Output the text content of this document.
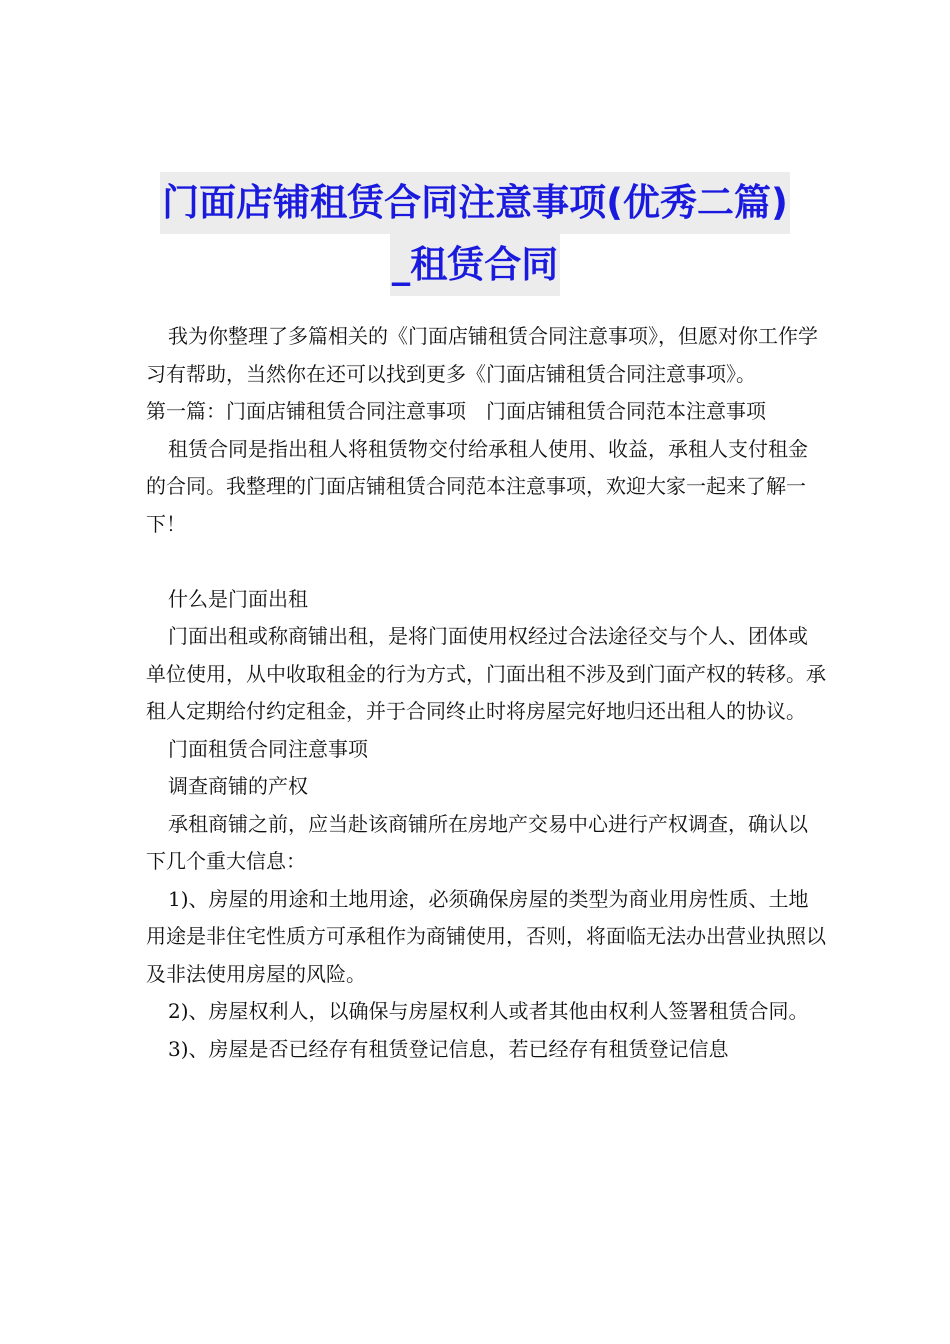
门面店铺租赁合同注意事项(优秀二篇)
_租赁合同

我为你整理了多篇相关的《门面店铺租赁合同注意事项》，但愿对你工作学习有帮助，当然你在还可以找到更多《门面店铺租赁合同注意事项》。

第一篇：门面店铺租赁合同注意事项　门面店铺租赁合同范本注意事项

租赁合同是指出租人将租赁物交付给承租人使用、收益，承租人支付租金的合同。我整理的门面店铺租赁合同范本注意事项，欢迎大家一起来了解一下！

什么是门面出租

门面出租或称商铺出租，是将门面使用权经过合法途径交与个人、团体或单位使用，从中收取租金的行为方式，门面出租不涉及到门面产权的转移。承租人定期给付约定租金，并于合同终止时将房屋完好地归还出租人的协议。

门面租赁合同注意事项

调查商铺的产权

承租商铺之前，应当赴该商铺所在房地产交易中心进行产权调查，确认以下几个重大信息：

1)、房屋的用途和土地用途，必须确保房屋的类型为商业用房性质、土地用途是非住宅性质方可承租作为商铺使用，否则，将面临无法办出营业执照以及非法使用房屋的风险。

2)、房屋权利人，以确保与房屋权利人或者其他由权利人签署租赁合同。

3)、房屋是否已经存有租赁登记信息，若已经存有租赁登记信息
